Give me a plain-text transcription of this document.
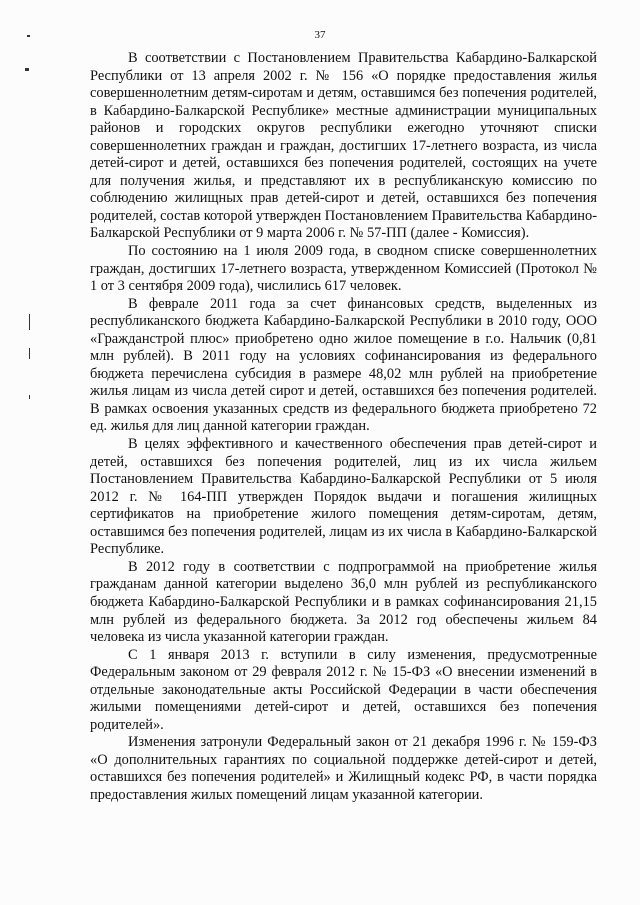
37

В соответствии с Постановлением Правительства Кабардино-Балкарской Республики от 13 апреля 2002 г. № 156 «О порядке предоставления жилья совершеннолетним детям-сиротам и детям, оставшимся без попечения родителей, в Кабардино-Балкарской Республике» местные администрации муниципальных районов и городских округов республики ежегодно уточняют списки совершеннолетних граждан и граждан, достигших 17-летнего возраста, из числа детей-сирот и детей, оставшихся без попечения родителей, состоящих на учете для получения жилья, и представляют их в республиканскую комиссию по соблюдению жилищных прав детей-сирот и детей, оставшихся без попечения родителей, состав которой утвержден Постановлением Правительства Кабардино-Балкарской Республики от 9 марта 2006 г. № 57-ПП (далее - Комиссия).

По состоянию на 1 июля 2009 года, в сводном списке совершеннолетних граждан, достигших 17-летнего возраста, утвержденном Комиссией (Протокол № 1 от 3 сентября 2009 года), числились 617 человек.

В феврале 2011 года за счет финансовых средств, выделенных из республиканского бюджета Кабардино-Балкарской Республики в 2010 году, ООО «Гражданстрой плюс» приобретено одно жилое помещение в г.о. Нальчик (0,81 млн рублей). В 2011 году на условиях софинансирования из федерального бюджета перечислена субсидия в размере 48,02 млн рублей на приобретение жилья лицам из числа детей сирот и детей, оставшихся без попечения родителей. В рамках освоения указанных средств из федерального бюджета приобретено 72 ед. жилья для лиц данной категории граждан.

В целях эффективного и качественного обеспечения прав детей-сирот и детей, оставшихся без попечения родителей, лиц из их числа жильем Постановлением Правительства Кабардино-Балкарской Республики от 5 июля 2012 г. № 164-ПП утвержден Порядок выдачи и погашения жилищных сертификатов на приобретение жилого помещения детям-сиротам, детям, оставшимся без попечения родителей, лицам из их числа в Кабардино-Балкарской Республике.

В 2012 году в соответствии с подпрограммой на приобретение жилья гражданам данной категории выделено 36,0 млн рублей из республиканского бюджета Кабардино-Балкарской Республики и в рамках софинансирования 21,15 млн рублей из федерального бюджета. За 2012 год обеспечены жильем 84 человека из числа указанной категории граждан.

С 1 января 2013 г. вступили в силу изменения, предусмотренные Федеральным законом от 29 февраля 2012 г. № 15-ФЗ «О внесении изменений в отдельные законодательные акты Российской Федерации в части обеспечения жилыми помещениями детей-сирот и детей, оставшихся без попечения родителей».

Изменения затронули Федеральный закон от 21 декабря 1996 г. № 159-ФЗ «О дополнительных гарантиях по социальной поддержке детей-сирот и детей, оставшихся без попечения родителей» и Жилищный кодекс РФ, в части порядка предоставления жилых помещений лицам указанной категории.
